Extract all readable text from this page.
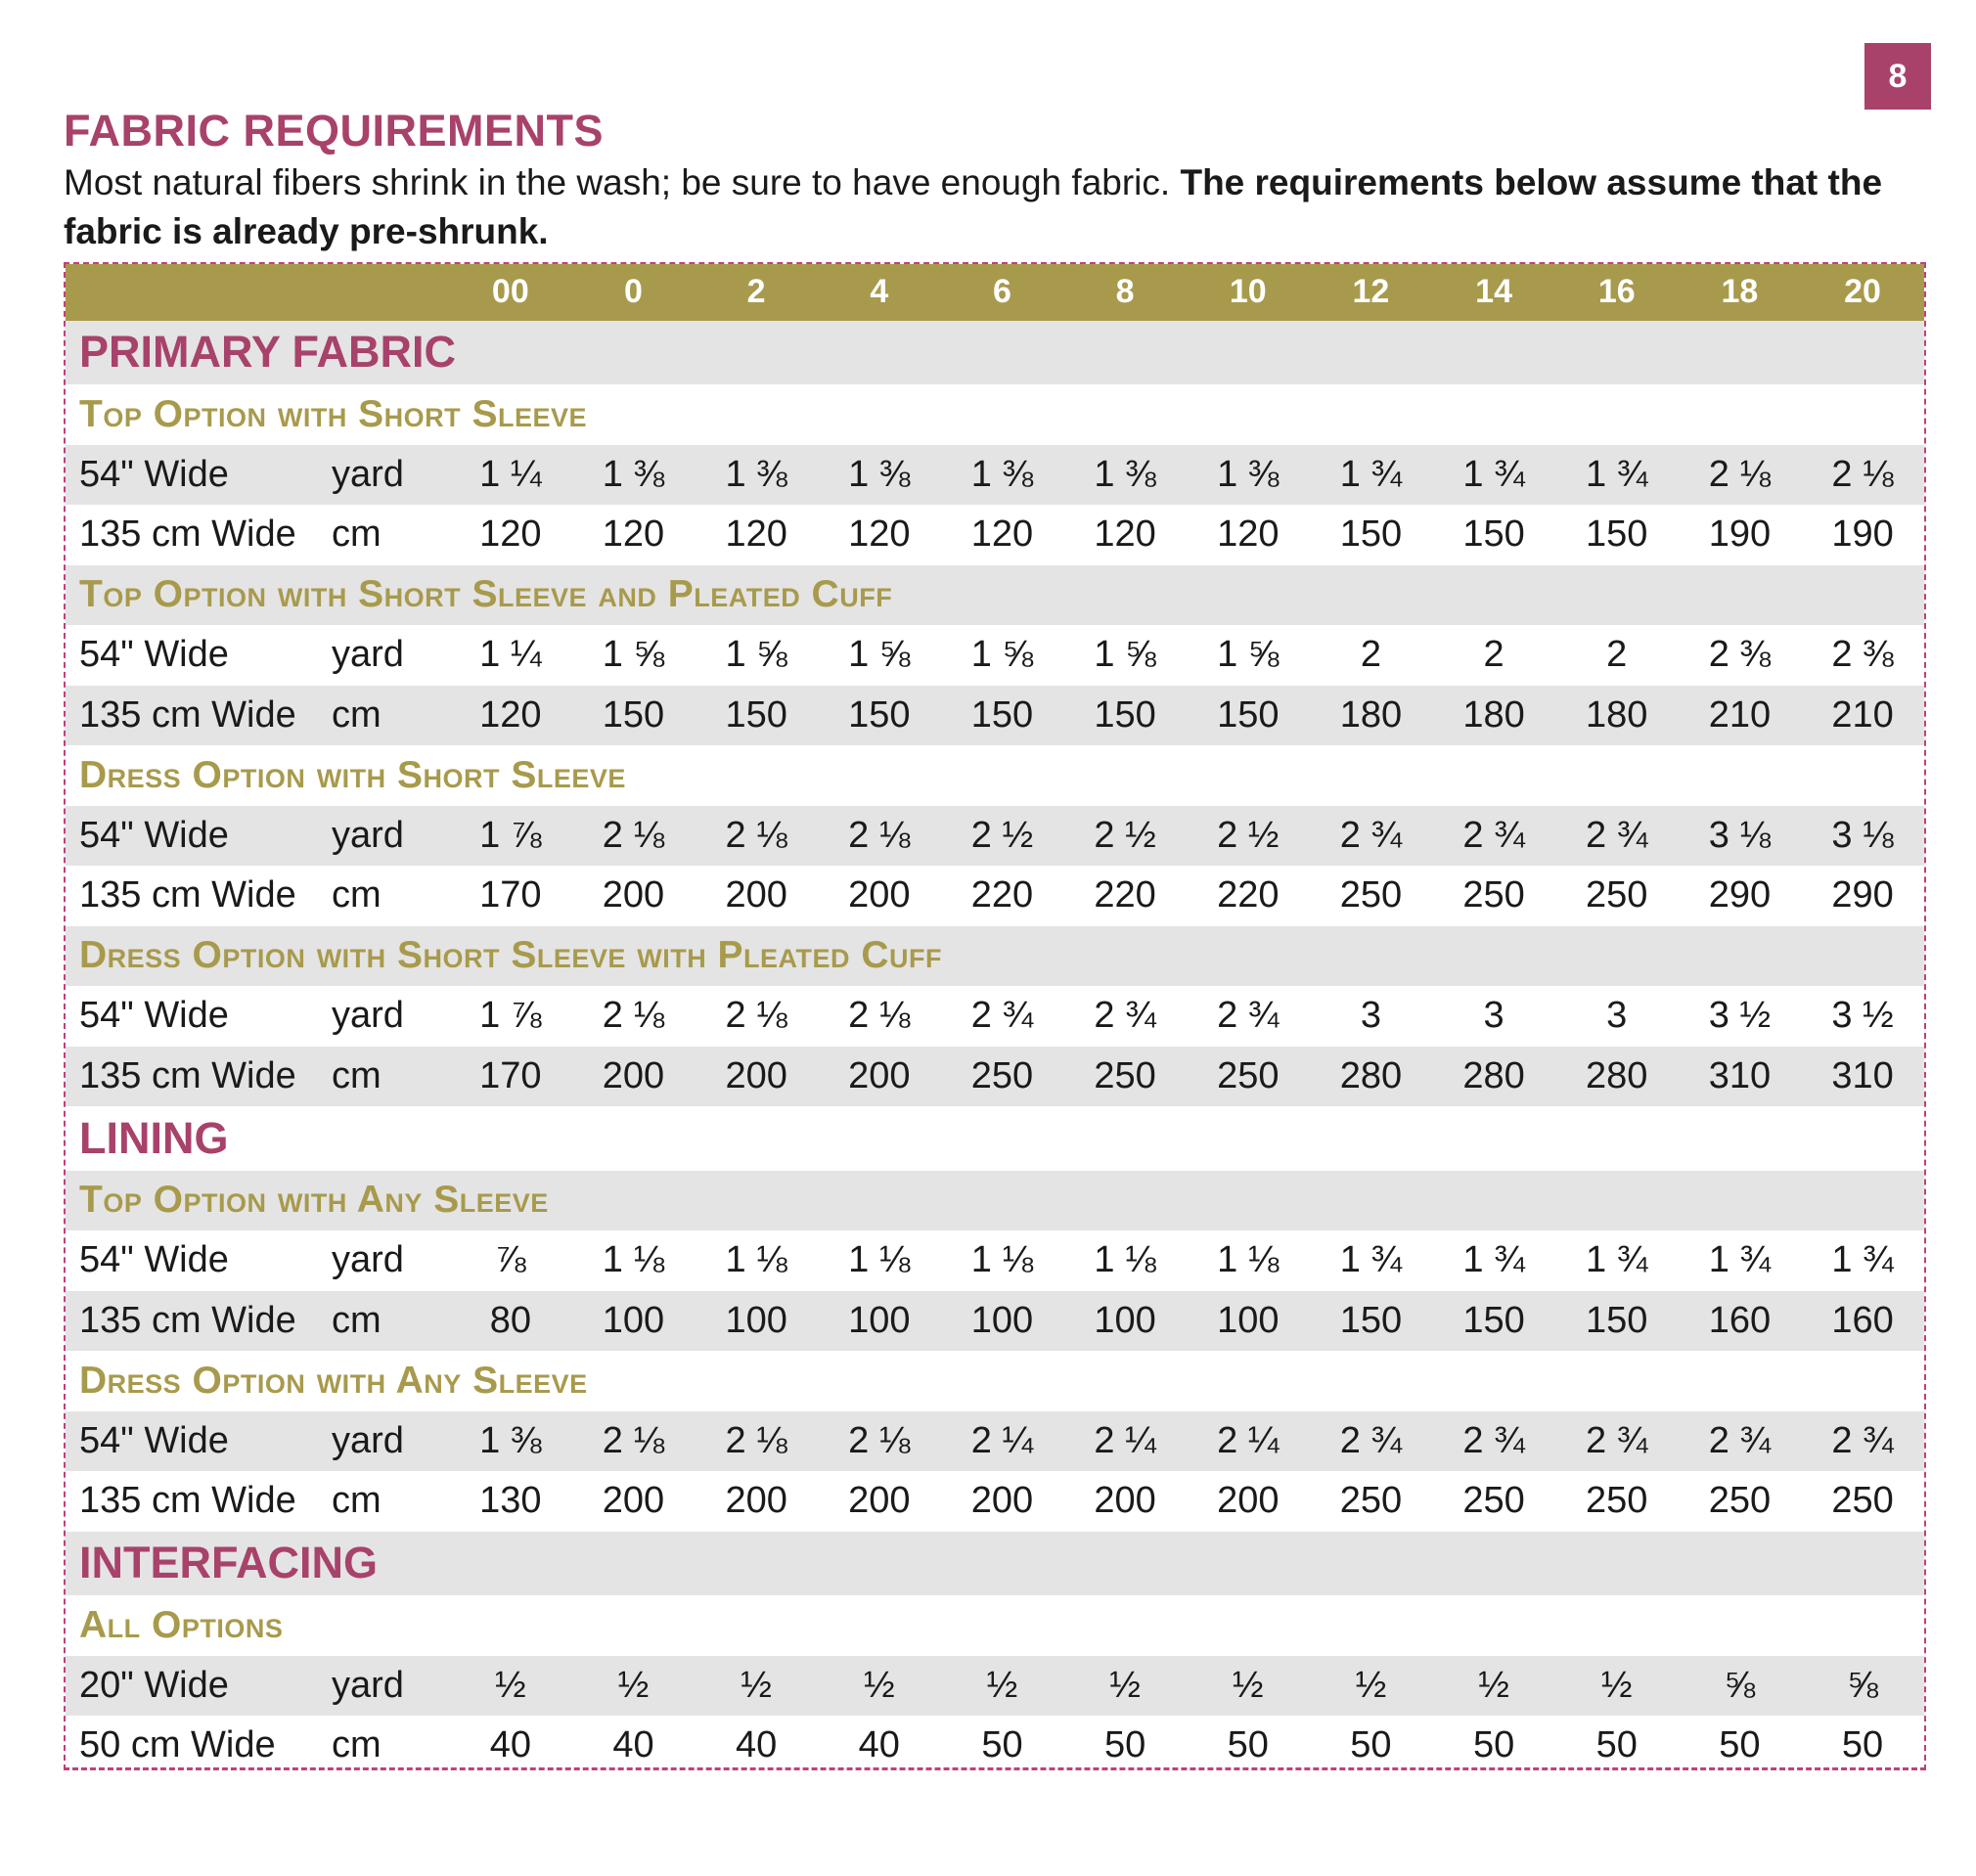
8
FABRIC REQUIREMENTS
Most natural fibers shrink in the wash; be sure to have enough fabric. The requirements below assume that the fabric is already pre-shrunk.
00	0	2	4	6	8	10	12	14	16	18	20
PRIMARY FABRIC
Top Option with Short Sleeve
54" Wide	yard	1 ¼	1 ⅜	1 ⅜	1 ⅜	1 ⅜	1 ⅜	1 ⅜	1 ¾	1 ¾	1 ¾	2 ⅛	2 ⅛
135 cm Wide cm	120	120	120	120	120	120	120	150	150	150	190	190
Top Option with Short Sleeve and Pleated Cuff
54" Wide	yard	1 ¼	1 ⅝	1 ⅝	1 ⅝	1 ⅝	1 ⅝	1 ⅝	2	2	2	2 ⅜	2 ⅜
135 cm Wide cm	120	150	150	150	150	150	150	180	180	180	210	210
Dress Option with Short Sleeve
54" Wide	yard	1 ⅞	2 ⅛	2 ⅛	2 ⅛	2 ½	2 ½	2 ½	2 ¾	2 ¾	2 ¾	3 ⅛	3 ⅛
135 cm Wide cm	170	200	200	200	220	220	220	250	250	250	290	290
Dress Option with Short Sleeve with Pleated Cuff
54" Wide	yard	1 ⅞	2 ⅛	2 ⅛	2 ⅛	2 ¾	2 ¾	2 ¾	3	3	3	3 ½	3 ½
135 cm Wide cm	170	200	200	200	250	250	250	280	280	280	310	310
LINING
Top Option with Any Sleeve
54" Wide	yard	⅞	1 ⅛	1 ⅛	1 ⅛	1 ⅛	1 ⅛	1 ⅛	1 ¾	1 ¾	1 ¾	1 ¾	1 ¾
135 cm Wide cm	80	100	100	100	100	100	100	150	150	150	160	160
Dress Option with Any Sleeve
54" Wide	yard	1 ⅜	2 ⅛	2 ⅛	2 ⅛	2 ¼	2 ¼	2 ¼	2 ¾	2 ¾	2 ¾	2 ¾	2 ¾
135 cm Wide cm	130	200	200	200	200	200	200	250	250	250	250	250
INTERFACING
All Options
20" Wide	yard	½	½	½	½	½	½	½	½	½	½	⅝	⅝
50 cm Wide	cm	40	40	40	40	50	50	50	50	50	50	50	50
